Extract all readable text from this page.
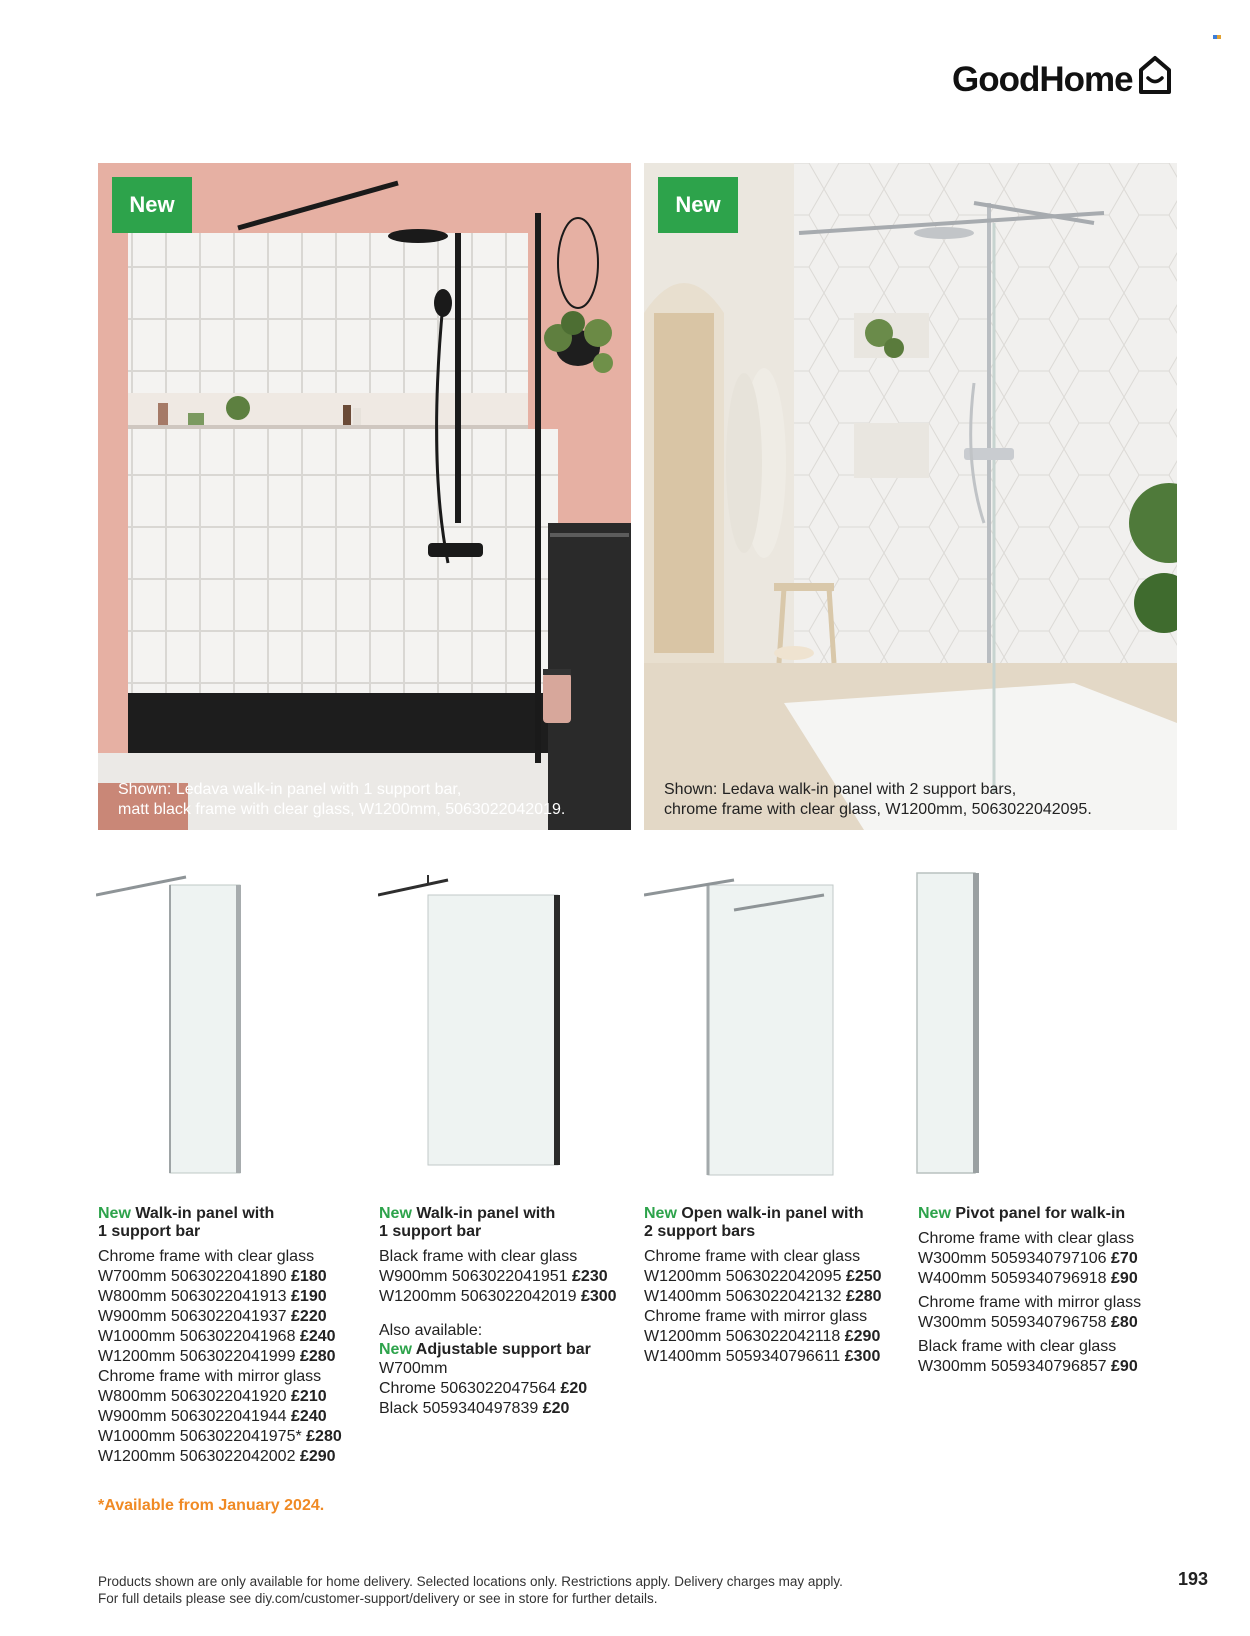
GoodHome
New
Shown: Ledava walk-in panel with 1 support bar,
matt black frame with clear glass, W1200mm, 5063022042019.
New
Shown: Ledava walk-in panel with 2 support bars,
chrome frame with clear glass, W1200mm, 5063022042095.
New Walk-in panel with
1 support bar
Chrome frame with clear glass
W700mm 5063022041890 £180
W800mm 5063022041913 £190
W900mm 5063022041937 £220
W1000mm 5063022041968 £240
W1200mm 5063022041999 £280
Chrome frame with mirror glass
W800mm 5063022041920 £210
W900mm 5063022041944 £240
W1000mm 5063022041975* £280
W1200mm 5063022042002 £290
New Walk-in panel with
1 support bar
Black frame with clear glass
W900mm 5063022041951 £230
W1200mm 5063022042019 £300
Also available:
New Adjustable support bar
W700mm
Chrome 5063022047564 £20
Black 5059340497839 £20
New Open walk-in panel with
2 support bars
Chrome frame with clear glass
W1200mm 5063022042095 £250
W1400mm 5063022042132 £280
Chrome frame with mirror glass
W1200mm 5063022042118 £290
W1400mm 5059340796611 £300
New Pivot panel for walk-in
Chrome frame with clear glass
W300mm 5059340797106 £70
W400mm 5059340796918 £90
Chrome frame with mirror glass
W300mm 5059340796758 £80
Black frame with clear glass
W300mm 5059340796857 £90
*Available from January 2024.
Products shown are only available for home delivery. Selected locations only. Restrictions apply. Delivery charges may apply.
For full details please see diy.com/customer-support/delivery or see in store for further details.
193
